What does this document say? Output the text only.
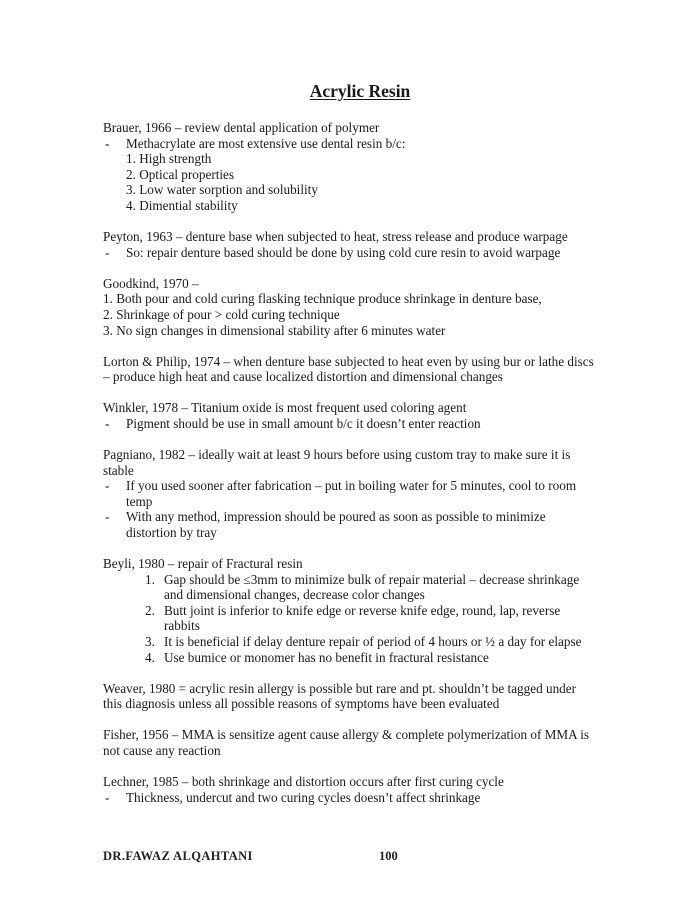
Acrylic Resin
Brauer, 1966 – review dental application of polymer
- Methacrylate are most extensive use dental resin b/c:
1. High strength
2. Optical properties
3. Low water sorption and solubility
4. Dimential stability
Peyton, 1963 – denture base when subjected to heat, stress release and produce warpage
- So: repair denture based should be done by using cold cure resin to avoid warpage
Goodkind, 1970 –
1. Both pour and cold curing flasking technique produce shrinkage in denture base,
2. Shrinkage of pour > cold curing technique
3. No sign changes in dimensional stability after 6 minutes water
Lorton & Philip, 1974 – when denture base subjected to heat even by using bur or lathe discs
– produce high heat and cause localized distortion and dimensional changes
Winkler, 1978 – Titanium oxide is most frequent used coloring agent
- Pigment should be use in small amount b/c it doesn’t enter reaction
Pagniano, 1982 – ideally wait at least 9 hours before using custom tray to make sure it is
stable
- If you used sooner after fabrication – put in boiling water for 5 minutes, cool to room
temp
- With any method, impression should be poured as soon as possible to minimize
distortion by tray
Beyli, 1980 – repair of Fractural resin
1. Gap should be ≤3mm to minimize bulk of repair material – decrease shrinkage
and dimensional changes, decrease color changes
2. Butt joint is inferior to knife edge or reverse knife edge, round, lap, reverse
rabbits
3. It is beneficial if delay denture repair of period of 4 hours or ½ a day for elapse
4. Use bumice or monomer has no benefit in fractural resistance
Weaver, 1980 = acrylic resin allergy is possible but rare and pt. shouldn’t be tagged under
this diagnosis unless all possible reasons of symptoms have been evaluated
Fisher, 1956 – MMA is sensitize agent cause allergy & complete polymerization of MMA is
not cause any reaction
Lechner, 1985 – both shrinkage and distortion occurs after first curing cycle
- Thickness, undercut and two curing cycles doesn’t affect shrinkage
DR.FAWAZ ALQAHTANI	100
